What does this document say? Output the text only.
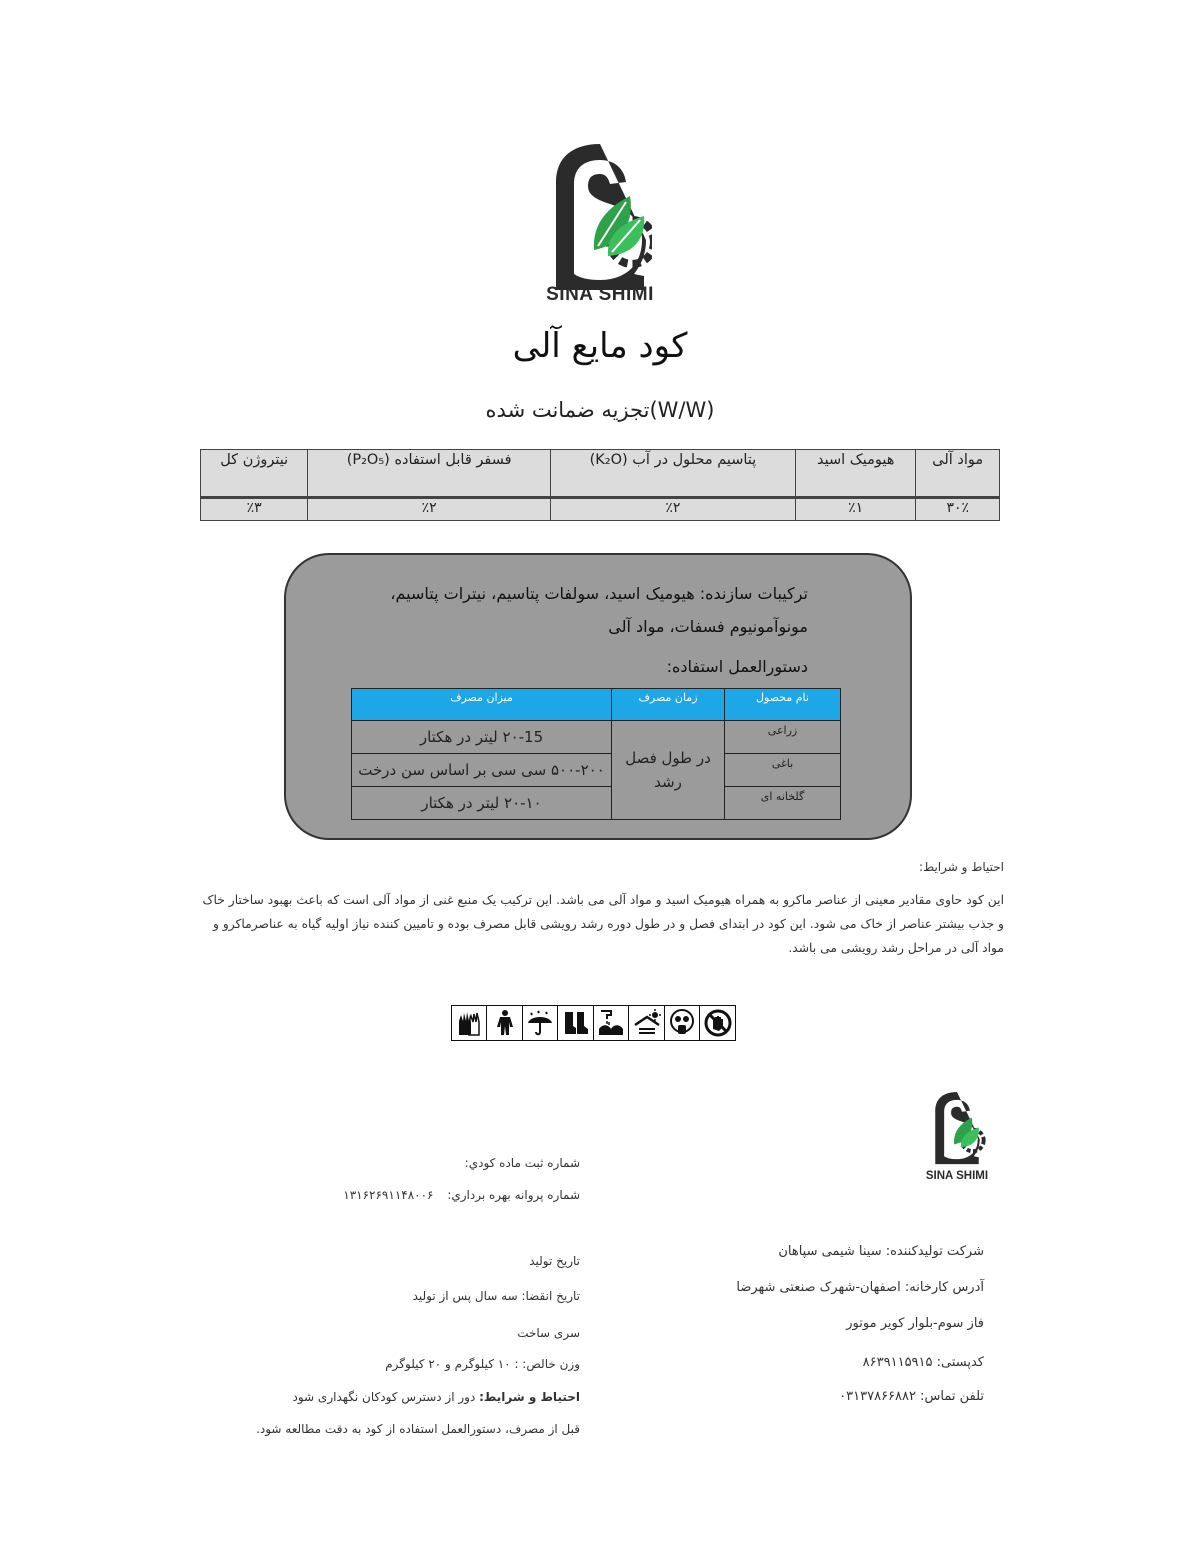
SINA SHIMI
کود مایع آلی
تجزیه ضمانت شده(W/W)
مواد آلی	هیومیک اسید	پتاسیم محلول در آب (K₂O)	فسفر قابل استفاده (P₂O₅)	نیتروژن کل
۳۰٪	٪۱	٪۲	٪۲	٪۳
ترکیبات سازنده: هیومیک اسید، سولفات پتاسیم، نیترات پتاسیم،
مونوآمونیوم فسفات، مواد آلی
دستورالعمل استفاده:
نام محصول	زمان مصرف	میزان مصرف
زراعی	در طول فصل رشد	۲۰-15 لیتر در هکتار
باغی		۵۰۰-۲۰۰ سی سی بر اساس سن درخت
گلخانه ای		۲۰-۱۰ لیتر در هکتار
احتیاط و شرایط:
این کود حاوی مقادیر معینی از عناصر ماکرو به همراه هیومیک اسید و مواد آلی می باشد. این ترکیب یک منبع غنی از مواد آلی است که باعث بهبود ساختار خاک و جذب بیشتر عناصر از خاک می شود. این کود در ابتدای فصل و در طول دوره رشد رویشی قابل مصرف بوده و تامیین کننده نیاز اولیه گیاه به عناصرماکرو و مواد آلی در مراحل رشد رویشی می باشد.
SINA SHIMI
شماره ثبت ماده کودي:
شماره پروانه بهره برداري: ۱۳۱۶۲۶۹۱۱۴۸۰۰۶
تاریخ تولید
تاریخ انقضا: سه سال پس از تولید
سری ساخت
وزن خالص: : ۱۰ کیلوگرم و ۲۰ کیلوگرم
احتیاط و شرایط: دور از دسترس کودکان نگهداری شود
قبل از مصرف، دستورالعمل استفاده از کود به دقت مطالعه شود.
شرکت تولیدکننده: سینا شیمی سپاهان
آدرس کارخانه: اصفهان-شهرک صنعتی شهرضا
فاز سوم-بلوار کویر موتور
کدپستی: ۸۶۳۹۱۱۵۹۱۵
تلفن تماس: ۰۳۱۳۷۸۶۶۸۸۲
